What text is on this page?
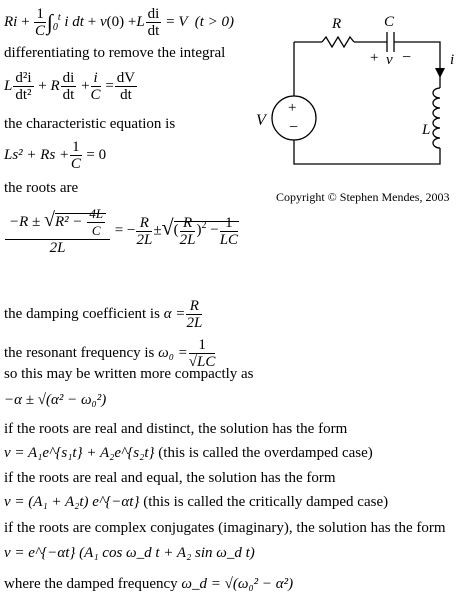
$Ri + \frac{1}{C} \int_0^t$ i dt + $v(0) +L \frac{di}{dt} = V$ (t > 0)
differentiating to remove the integral
L $\frac{\text{d²i}}{\text{dt²}} + R \frac{di}{dt} + \frac{i}{C} = \frac{dV}{dt}$
the characteristic equation is
$Ls^2 + Rs + \frac{1}{C} = 0$
the roots are
$\frac{-R \pm √R^2 - \frac{4L}{C}}{2L}$ = − $\frac{R}{2L}$ ±√( $\frac{R}{2L} )^2 - \frac{1}{LC}$
the damping coefficient is $\alpha = \frac{R}{2L}$
the resonant frequency is $\omega_0 = \frac{1}{√LC}$
so this may be written more compactly as
−α ± √(α² − ω₀²)
if the roots are real and distinct, the solution has the form
v = A₁e^{s₁t} + A₂e^{s₂t} (this is called the overdamped case)
if the roots are real and equal, the solution has the form
v = (A₁ + A₂t) e^{−αt} (this is called the critically damped case)
if the roots are complex conjugates (imaginary), the solution has the form
v = e^{−αt} (A₁ cos ω_d t + A₂ sin ω_d t)
where the damped frequency ω_d = √(ω₀² − α²)
R	C
+ v −	i
V
+
−	L
Copyright © Stephen Mendes, 2003
